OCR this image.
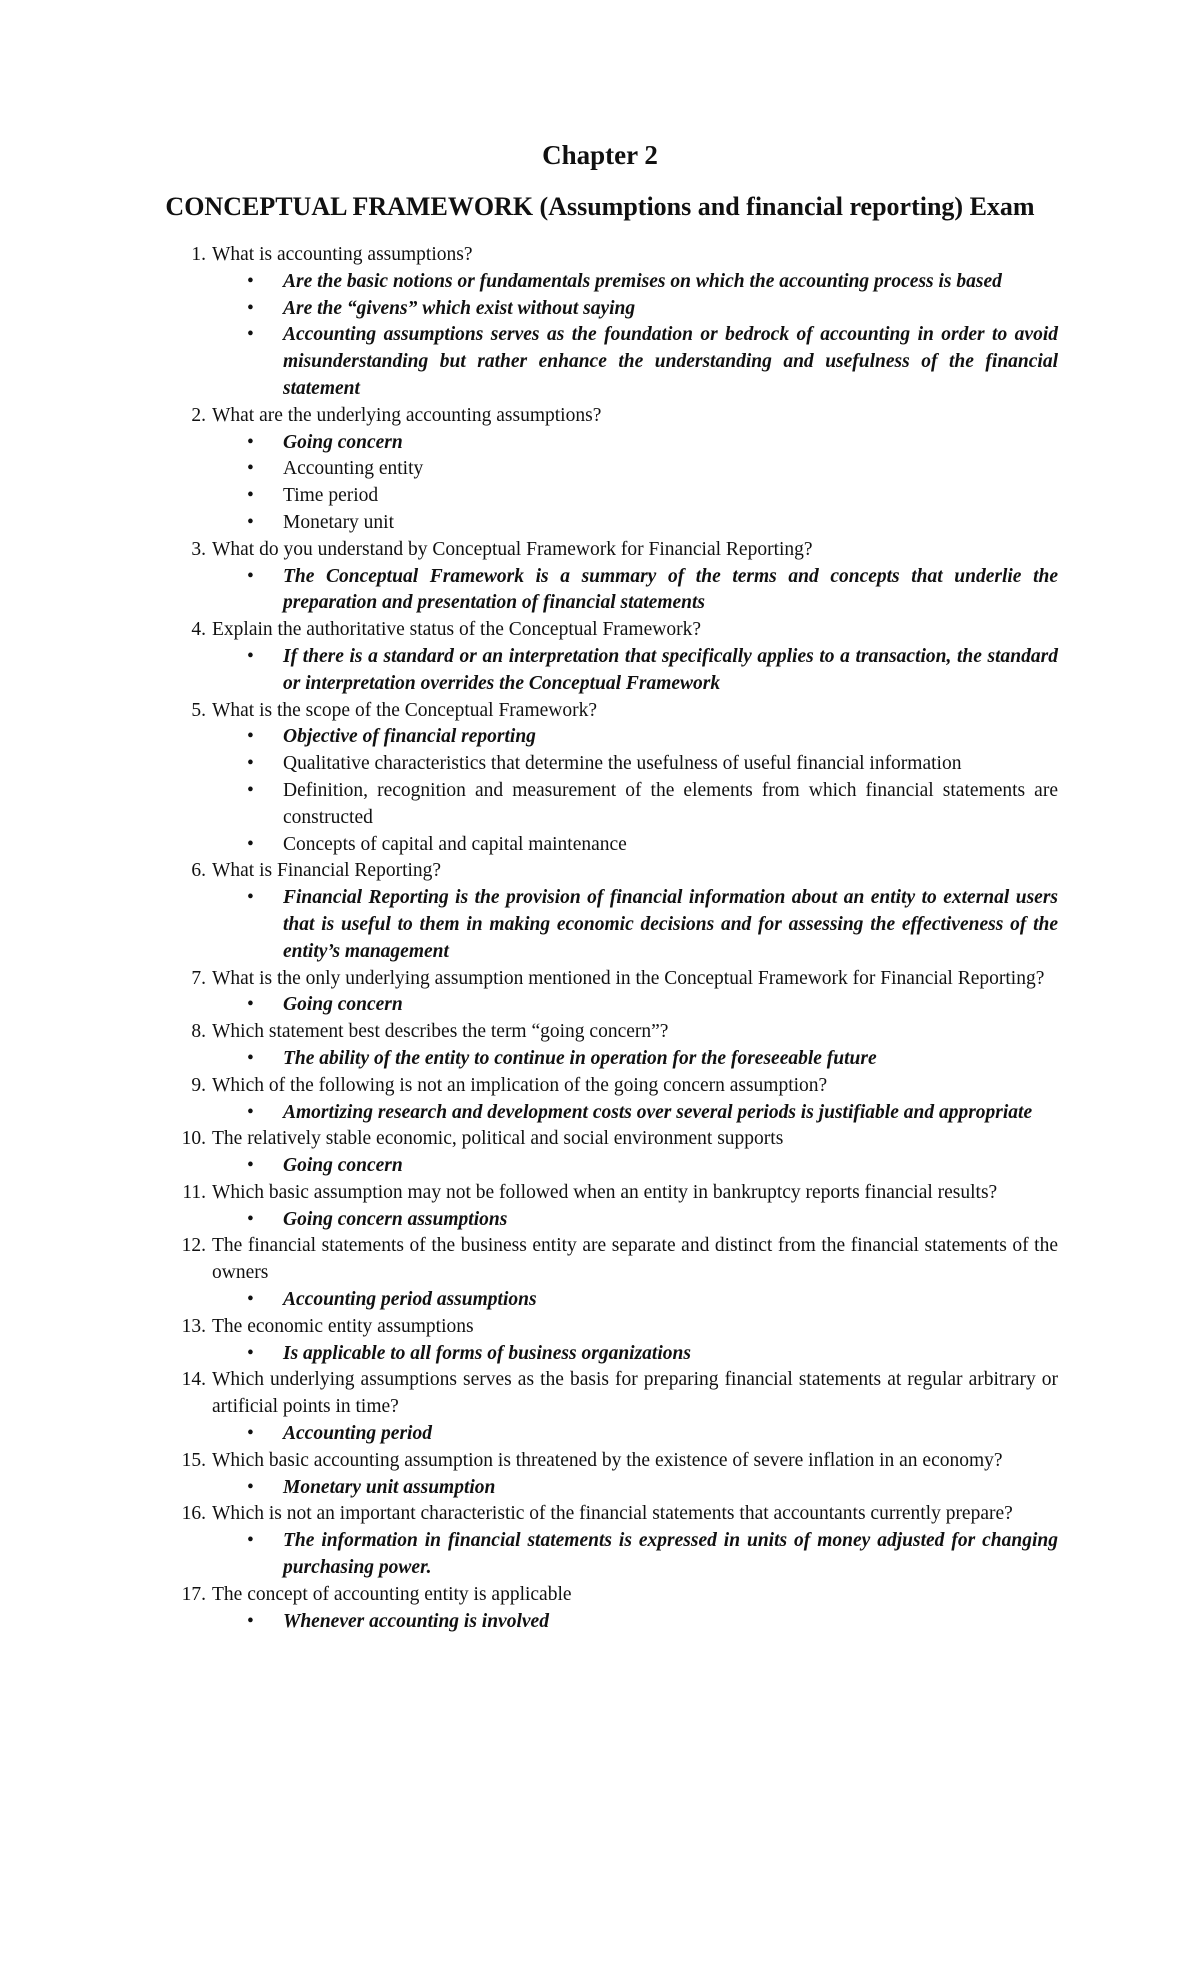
Chapter 2
CONCEPTUAL FRAMEWORK (Assumptions and financial reporting) Exam
1. What is accounting assumptions?
• Are the basic notions or fundamentals premises on which the accounting process is based
• Are the “givens” which exist without saying
• Accounting assumptions serves as the foundation or bedrock of accounting in order to avoid misunderstanding but rather enhance the understanding and usefulness of the financial statement
2. What are the underlying accounting assumptions?
• Going concern
• Accounting entity
• Time period
• Monetary unit
3. What do you understand by Conceptual Framework for Financial Reporting?
• The Conceptual Framework is a summary of the terms and concepts that underlie the preparation and presentation of financial statements
4. Explain the authoritative status of the Conceptual Framework?
• If there is a standard or an interpretation that specifically applies to a transaction, the standard or interpretation overrides the Conceptual Framework
5. What is the scope of the Conceptual Framework?
• Objective of financial reporting
• Qualitative characteristics that determine the usefulness of useful financial information
• Definition, recognition and measurement of the elements from which financial statements are constructed
• Concepts of capital and capital maintenance
6. What is Financial Reporting?
• Financial Reporting is the provision of financial information about an entity to external users that is useful to them in making economic decisions and for assessing the effectiveness of the entity’s management
7. What is the only underlying assumption mentioned in the Conceptual Framework for Financial Reporting?
• Going concern
8. Which statement best describes the term “going concern”?
• The ability of the entity to continue in operation for the foreseeable future
9. Which of the following is not an implication of the going concern assumption?
• Amortizing research and development costs over several periods is justifiable and appropriate
10. The relatively stable economic, political and social environment supports
• Going concern
11. Which basic assumption may not be followed when an entity in bankruptcy reports financial results?
• Going concern assumptions
12. The financial statements of the business entity are separate and distinct from the financial statements of the owners
• Accounting period assumptions
13. The economic entity assumptions
• Is applicable to all forms of business organizations
14. Which underlying assumptions serves as the basis for preparing financial statements at regular arbitrary or artificial points in time?
• Accounting period
15. Which basic accounting assumption is threatened by the existence of severe inflation in an economy?
• Monetary unit assumption
16. Which is not an important characteristic of the financial statements that accountants currently prepare?
• The information in financial statements is expressed in units of money adjusted for changing purchasing power.
17. The concept of accounting entity is applicable
• Whenever accounting is involved
